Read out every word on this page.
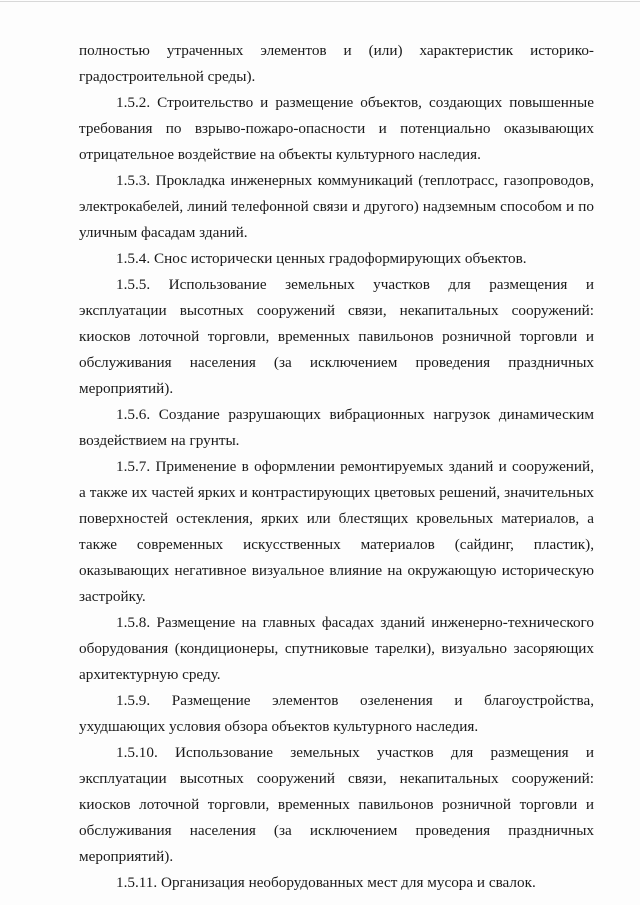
полностью утраченных элементов и (или) характеристик историко-градостроительной среды).

1.5.2. Строительство и размещение объектов, создающих повышенные требования по взрыво-пожаро-опасности и потенциально оказывающих отрицательное воздействие на объекты культурного наследия.

1.5.3. Прокладка инженерных коммуникаций (теплотрасс, газопроводов, электрокабелей, линий телефонной связи и другого) надземным способом и по уличным фасадам зданий.

1.5.4. Снос исторически ценных градоформирующих объектов.

1.5.5. Использование земельных участков для размещения и эксплуатации высотных сооружений связи, некапитальных сооружений: киосков лоточной торговли, временных павильонов розничной торговли и обслуживания населения (за исключением проведения праздничных мероприятий).

1.5.6. Создание разрушающих вибрационных нагрузок динамическим воздействием на грунты.

1.5.7. Применение в оформлении ремонтируемых зданий и сооружений, а также их частей ярких и контрастирующих цветовых решений, значительных поверхностей остекления, ярких или блестящих кровельных материалов, а также современных искусственных материалов (сайдинг, пластик), оказывающих негативное визуальное влияние на окружающую историческую застройку.

1.5.8. Размещение на главных фасадах зданий инженерно-технического оборудования (кондиционеры, спутниковые тарелки), визуально засоряющих архитектурную среду.

1.5.9. Размещение элементов озеленения и благоустройства, ухудшающих условия обзора объектов культурного наследия.

1.5.10. Использование земельных участков для размещения и эксплуатации высотных сооружений связи, некапитальных сооружений: киосков лоточной торговли, временных павильонов розничной торговли и обслуживания населения (за исключением проведения праздничных мероприятий).

1.5.11. Организация необорудованных мест для мусора и свалок.
